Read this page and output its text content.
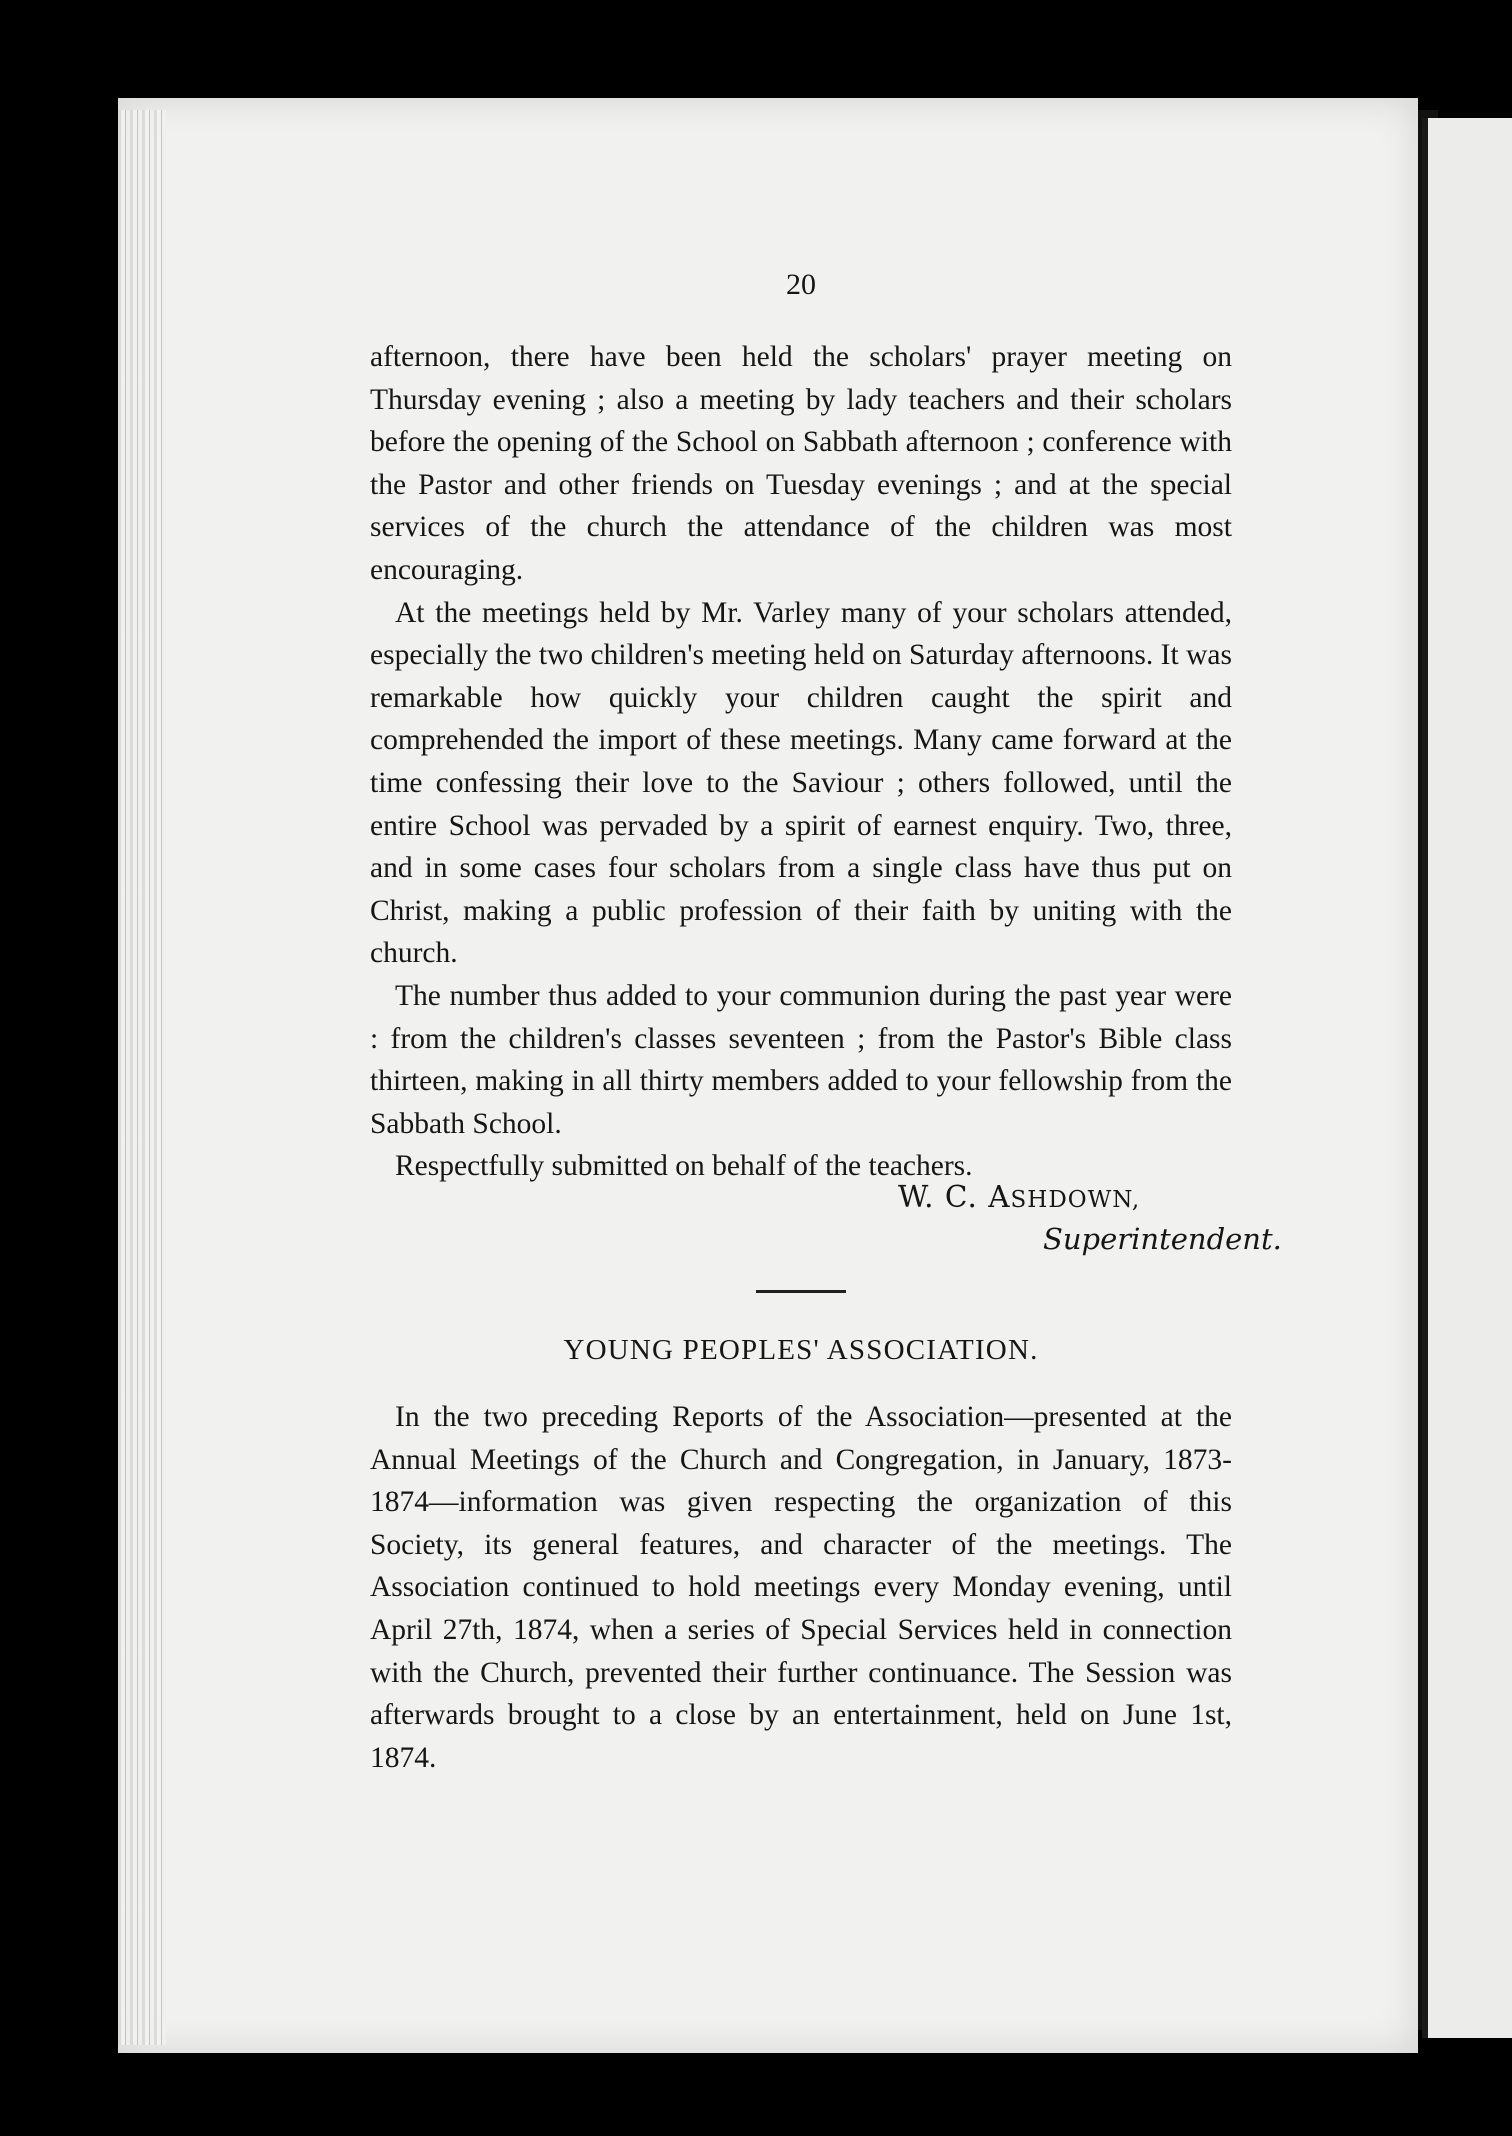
20

afternoon, there have been held the scholars' prayer meeting on Thursday evening ; also a meeting by lady teachers and their scholars before the opening of the School on Sabbath afternoon ; conference with the Pastor and other friends on Tuesday evenings ; and at the special services of the church the attendance of the children was most encouraging.

At the meetings held by Mr. Varley many of your scholars attended, especially the two children's meeting held on Saturday afternoons. It was remarkable how quickly your children caught the spirit and comprehended the import of these meetings. Many came forward at the time confessing their love to the Saviour ; others followed, until the entire School was pervaded by a spirit of earnest enquiry. Two, three, and in some cases four scholars from a single class have thus put on Christ, making a public profession of their faith by uniting with the church.

The number thus added to your communion during the past year were : from the children's classes seventeen ; from the Pastor's Bible class thirteen, making in all thirty members added to your fellowship from the Sabbath School.

Respectfully submitted on behalf of the teachers.

W. C. ASHDOWN,
Superintendent.
YOUNG PEOPLES' ASSOCIATION.

In the two preceding Reports of the Association—presented at the Annual Meetings of the Church and Congregation, in January, 1873-1874—information was given respecting the organization of this Society, its general features, and character of the meetings. The Association continued to hold meetings every Monday evening, until April 27th, 1874, when a series of Special Services held in connection with the Church, prevented their further continuance. The Session was afterwards brought to a close by an entertainment, held on June 1st, 1874.
